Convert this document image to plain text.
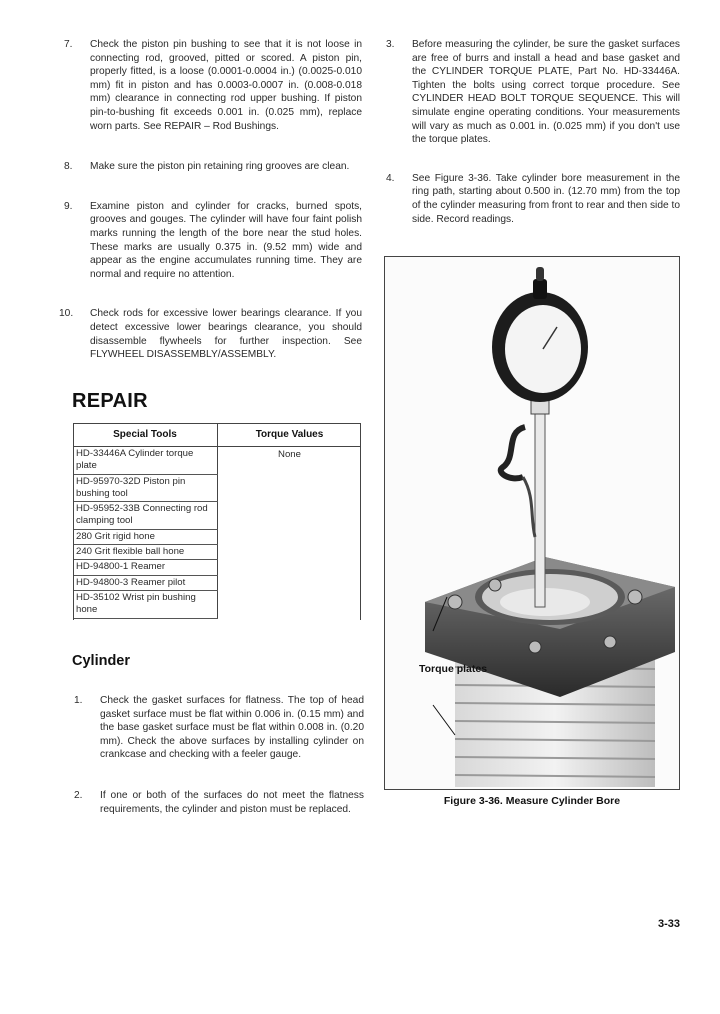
7. Check the piston pin bushing to see that it is not loose in connecting rod, grooved, pitted or scored. A piston pin, properly fitted, is a loose (0.0001-0.0004 in.) (0.0025-0.010 mm) fit in piston and has 0.0003-0.0007 in. (0.008-0.018 mm) clearance in connecting rod upper bushing. If piston pin-to-bushing fit exceeds 0.001 in. (0.025 mm), replace worn parts. See REPAIR – Rod Bushings.
8. Make sure the piston pin retaining ring grooves are clean.
9. Examine piston and cylinder for cracks, burned spots, grooves and gouges. The cylinder will have four faint polish marks running the length of the bore near the stud holes. These marks are usually 0.375 in. (9.52 mm) wide and appear as the engine accumulates running time. They are normal and require no attention.
10. Check rods for excessive lower bearings clearance. If you detect excessive lower bearings clearance, you should disassemble flywheels for further inspection. See FLYWHEEL DISASSEMBLY/ASSEMBLY.
REPAIR
Special Tools	Torque Values
HD-33446A Cylinder torque plate	None
HD-95970-32D Piston pin bushing tool	
HD-95952-33B Connecting rod clamping tool	
280 Grit rigid hone	
240 Grit flexible ball hone	
HD-94800-1 Reamer	
HD-94800-3 Reamer pilot	
HD-35102 Wrist pin bushing hone	
Cylinder
1. Check the gasket surfaces for flatness. The top of head gasket surface must be flat within 0.006 in. (0.15 mm) and the base gasket surface must be flat within 0.008 in. (0.20 mm). Check the above surfaces by installing cylinder on crankcase and checking with a feeler gauge.
2. If one or both of the surfaces do not meet the flatness requirements, the cylinder and piston must be replaced.
3. Before measuring the cylinder, be sure the gasket surfaces are free of burrs and install a head and base gasket and the CYLINDER TORQUE PLATE, Part No. HD-33446A. Tighten the bolts using correct torque procedure. See CYLINDER HEAD BOLT TORQUE SEQUENCE. This will simulate engine operating conditions. Your measurements will vary as much as 0.001 in. (0.025 mm) if you don't use the torque plates.
4. See Figure 3-36. Take cylinder bore measurement in the ring path, starting about 0.500 in. (12.70 mm) from the top of the cylinder measuring from front to rear and then side to side. Record readings.
Torque plates
Figure 3-36. Measure Cylinder Bore
3-33
